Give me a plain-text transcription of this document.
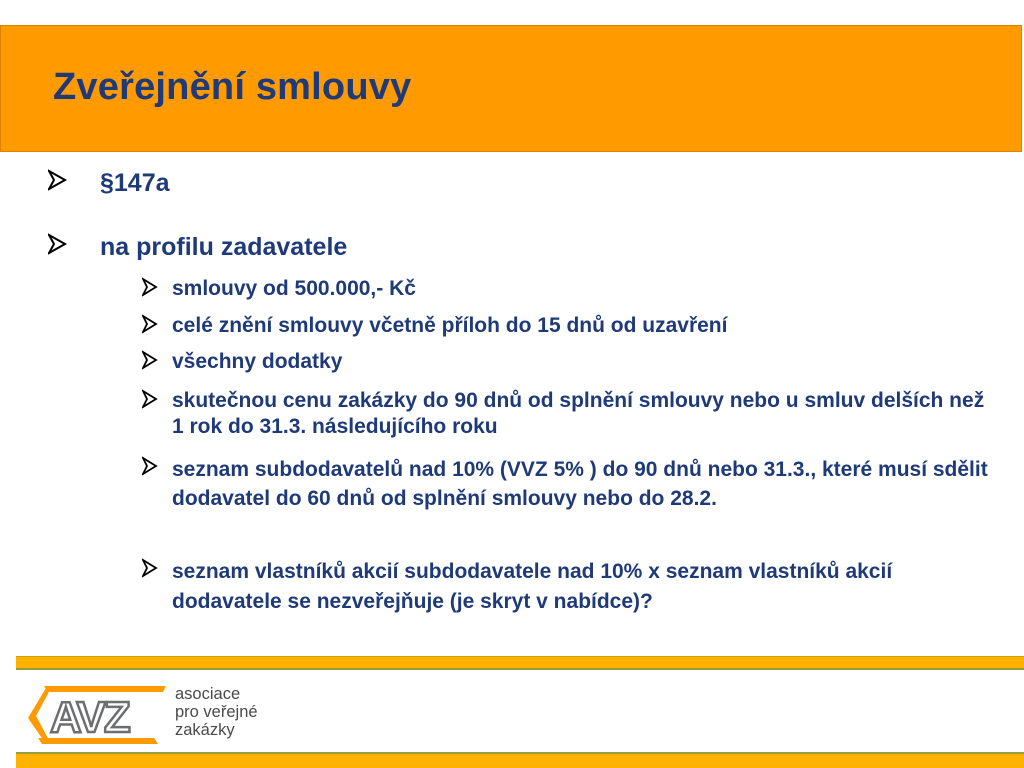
Zveřejnění smlouvy
§147a
na profilu zadavatele
smlouvy od 500.000,- Kč
celé znění smlouvy včetně příloh do 15 dnů od uzavření
všechny dodatky
skutečnou cenu zakázky do 90 dnů od splnění smlouvy nebo u smluv delších než 1 rok do 31.3. následujícího roku
seznam subdodavatelů nad 10% (VVZ 5% ) do 90 dnů nebo 31.3., které musí sdělit dodavatel do 60 dnů od splnění smlouvy nebo do 28.2.
seznam vlastníků akcií subdodavatele nad 10% x seznam vlastníků akcií dodavatele se nezveřejňuje (je skryt v nabídce)?
AVZ	asociace
pro veřejné
zakázky
